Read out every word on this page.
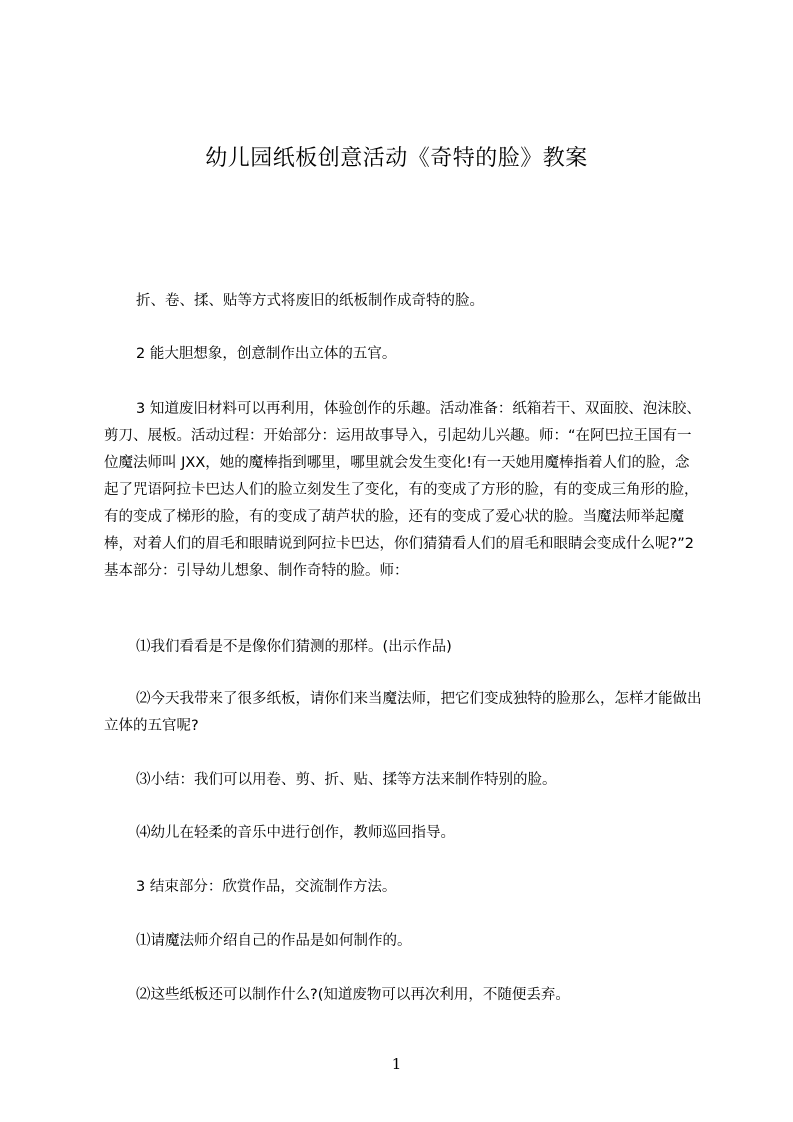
幼儿园纸板创意活动《奇特的脸》教案
折、卷、揉、贴等方式将废旧的纸板制作成奇特的脸。
2 能大胆想象，创意制作出立体的五官。
3 知道废旧材料可以再利用，体验创作的乐趣。活动准备：纸箱若干、双面胶、泡沫胶、剪刀、展板。活动过程：开始部分：运用故事导入，引起幼儿兴趣。师：“在阿巴拉王国有一位魔法师叫 JXX，她的魔棒指到哪里，哪里就会发生变化!有一天她用魔棒指着人们的脸，念起了咒语阿拉卡巴达人们的脸立刻发生了变化，有的变成了方形的脸，有的变成三角形的脸，有的变成了梯形的脸，有的变成了葫芦状的脸，还有的变成了爱心状的脸。当魔法师举起魔棒，对着人们的眉毛和眼睛说到阿拉卡巴达，你们猜猜看人们的眉毛和眼睛会变成什么呢?”2 基本部分：引导幼儿想象、制作奇特的脸。师：
⑴我们看看是不是像你们猜测的那样。(出示作品)
⑵今天我带来了很多纸板，请你们来当魔法师，把它们变成独特的脸那么，怎样才能做出立体的五官呢?
⑶小结：我们可以用卷、剪、折、贴、揉等方法来制作特别的脸。
⑷幼儿在轻柔的音乐中进行创作，教师巡回指导。
3 结束部分：欣赏作品，交流制作方法。
⑴请魔法师介绍自己的作品是如何制作的。
⑵这些纸板还可以制作什么?(知道废物可以再次利用，不随便丢弃。
1
